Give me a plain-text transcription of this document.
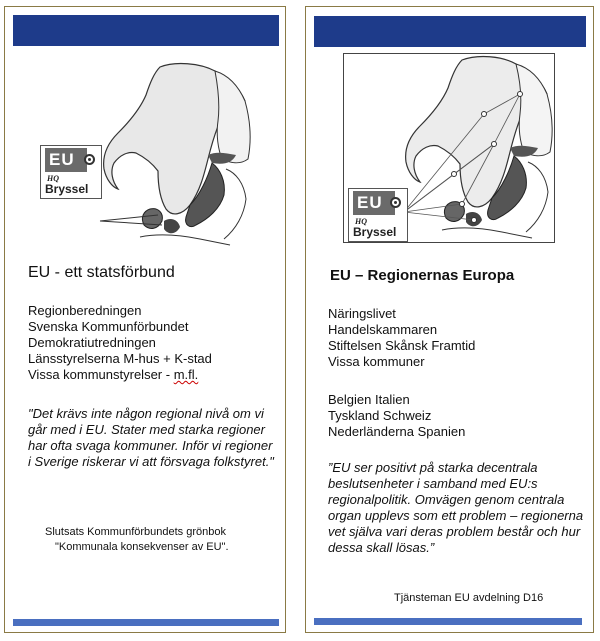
EU
HQ
Bryssel
EU - ett statsförbund
Regionberedningen
Svenska Kommunförbundet
Demokratiutredningen
Länsstyrelserna M-hus + K-stad
Vissa kommunstyrelser - m.fl.
"Det krävs inte någon regional nivå om vi går med i EU. Stater med starka regioner har ofta svaga kommuner. Inför vi regioner i Sverige riskerar vi att försvaga folkstyret."
Slutsats Kommunförbundets grönbok
"Kommunala konsekvenser av EU".
EU
HQ
Bryssel
EU – Regionernas Europa
Näringslivet
Handelskammaren
Stiftelsen Skånsk Framtid
Vissa kommuner
Belgien Italien
Tyskland Schweiz
Nederländerna Spanien
”EU ser positivt på starka decentrala beslutsenheter i samband med EU:s regionalpolitik. Omvägen genom centrala organ upplevs som ett problem – regionerna vet själva vari deras problem består och hur dessa skall lösas.”
Tjänsteman EU avdelning D16
